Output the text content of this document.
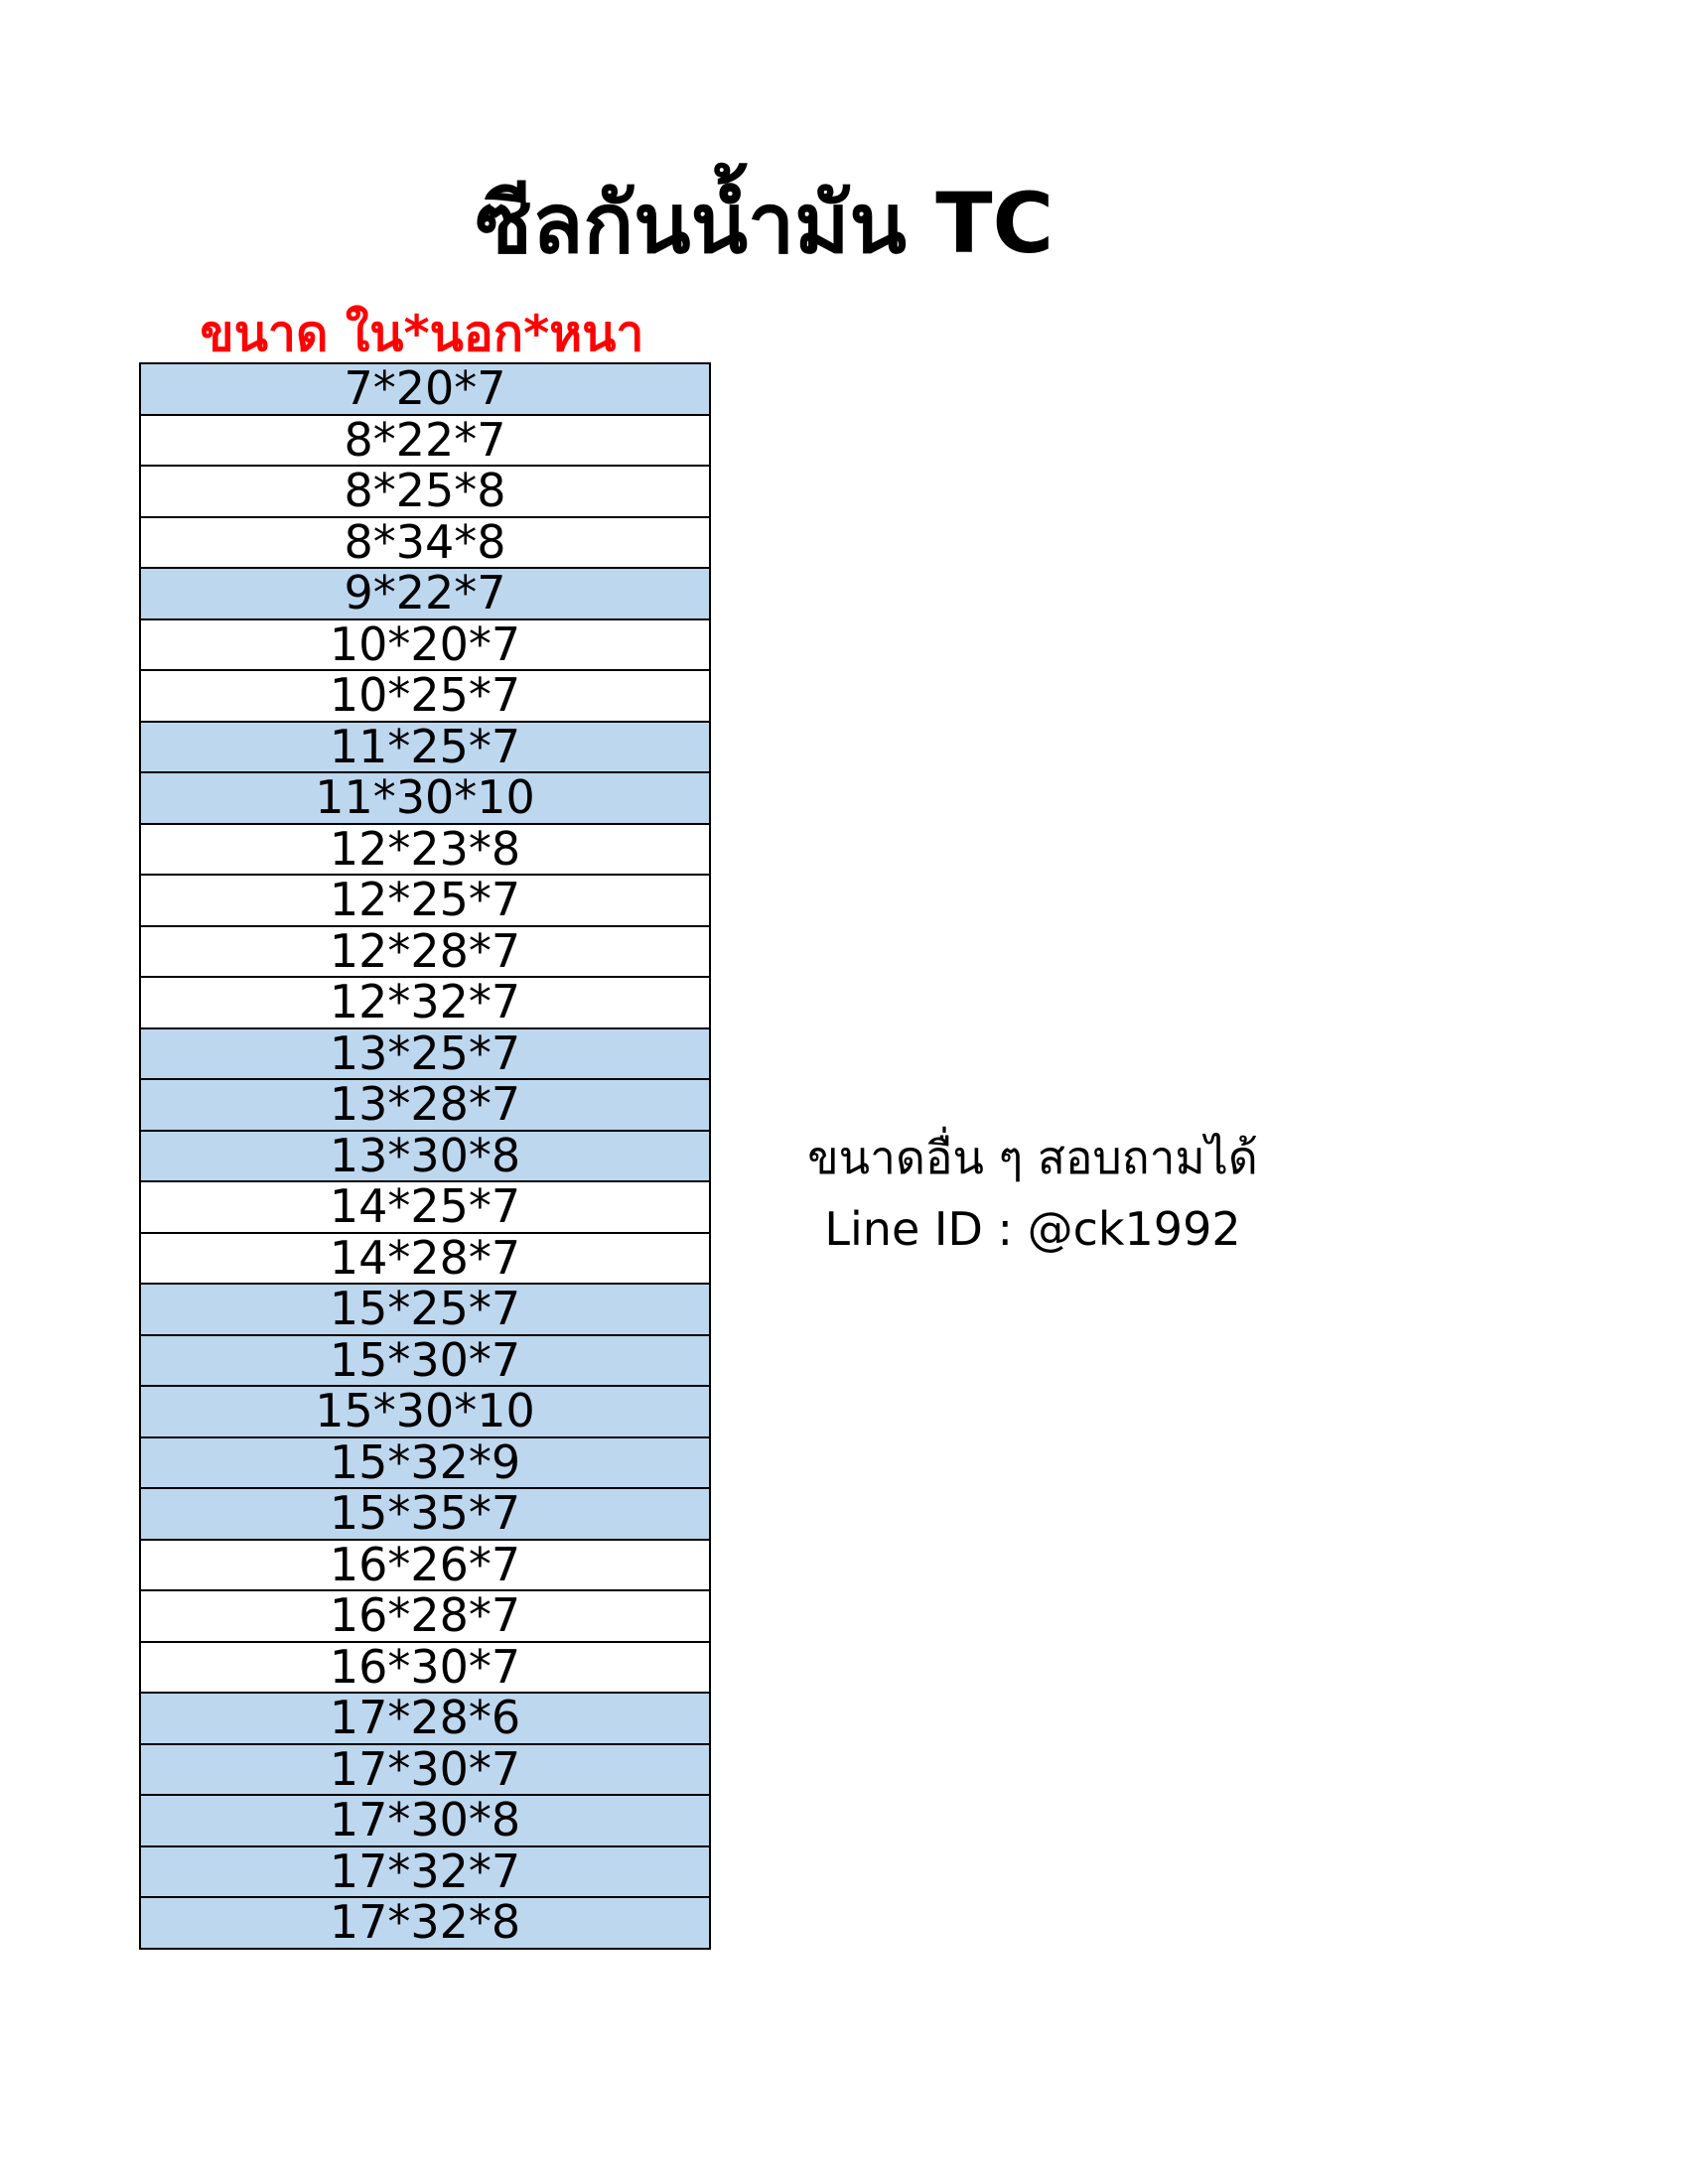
ซีลกันน้ำมัน TC
ขนาด ใน*นอก*หนา
7*20*7
8*22*7
8*25*8
8*34*8
9*22*7
10*20*7
10*25*7
11*25*7
11*30*10
12*23*8
12*25*7
12*28*7
12*32*7
13*25*7
13*28*7
13*30*8
14*25*7
14*28*7
15*25*7
15*30*7
15*30*10
15*32*9
15*35*7
16*26*7
16*28*7
16*30*7
17*28*6
17*30*7
17*30*8
17*32*7
17*32*8
ขนาดอื่น ๆ สอบถามได้
Line ID : @ck1992
